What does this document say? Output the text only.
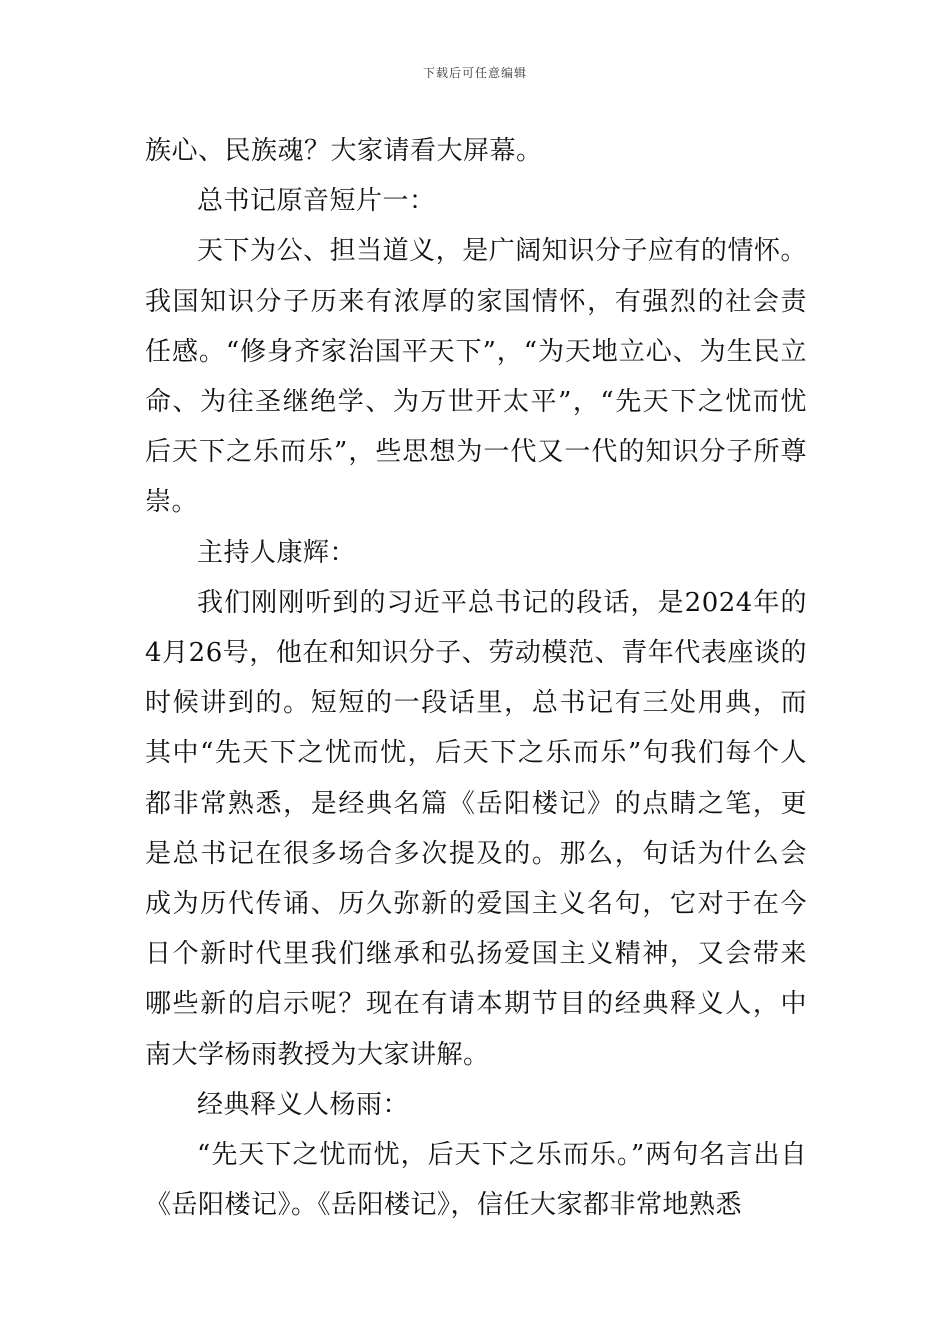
下载后可任意编辑

族心、民族魂？大家请看大屏幕。

总书记原音短片一：

天下为公、担当道义，是广阔知识分子应有的情怀。我国知识分子历来有浓厚的家国情怀，有强烈的社会责任感。“修身齐家治国平天下”，“为天地立心、为生民立命、为往圣继绝学、为万世开太平”，“先天下之忧而忧后天下之乐而乐”，些思想为一代又一代的知识分子所尊崇。

主持人康辉：

我们刚刚听到的习近平总书记的段话，是2024年的4月26号，他在和知识分子、劳动模范、青年代表座谈的时候讲到的。短短的一段话里，总书记有三处用典，而其中“先天下之忧而忧，后天下之乐而乐”句我们每个人都非常熟悉，是经典名篇《岳阳楼记》的点睛之笔，更是总书记在很多场合多次提及的。那么，句话为什么会成为历代传诵、历久弥新的爱国主义名句，它对于在今日个新时代里我们继承和弘扬爱国主义精神，又会带来哪些新的启示呢？现在有请本期节目的经典释义人，中南大学杨雨教授为大家讲解。

经典释义人杨雨：

“先天下之忧而忧，后天下之乐而乐。”两句名言出自《岳阳楼记》。《岳阳楼记》，信任大家都非常地熟悉
